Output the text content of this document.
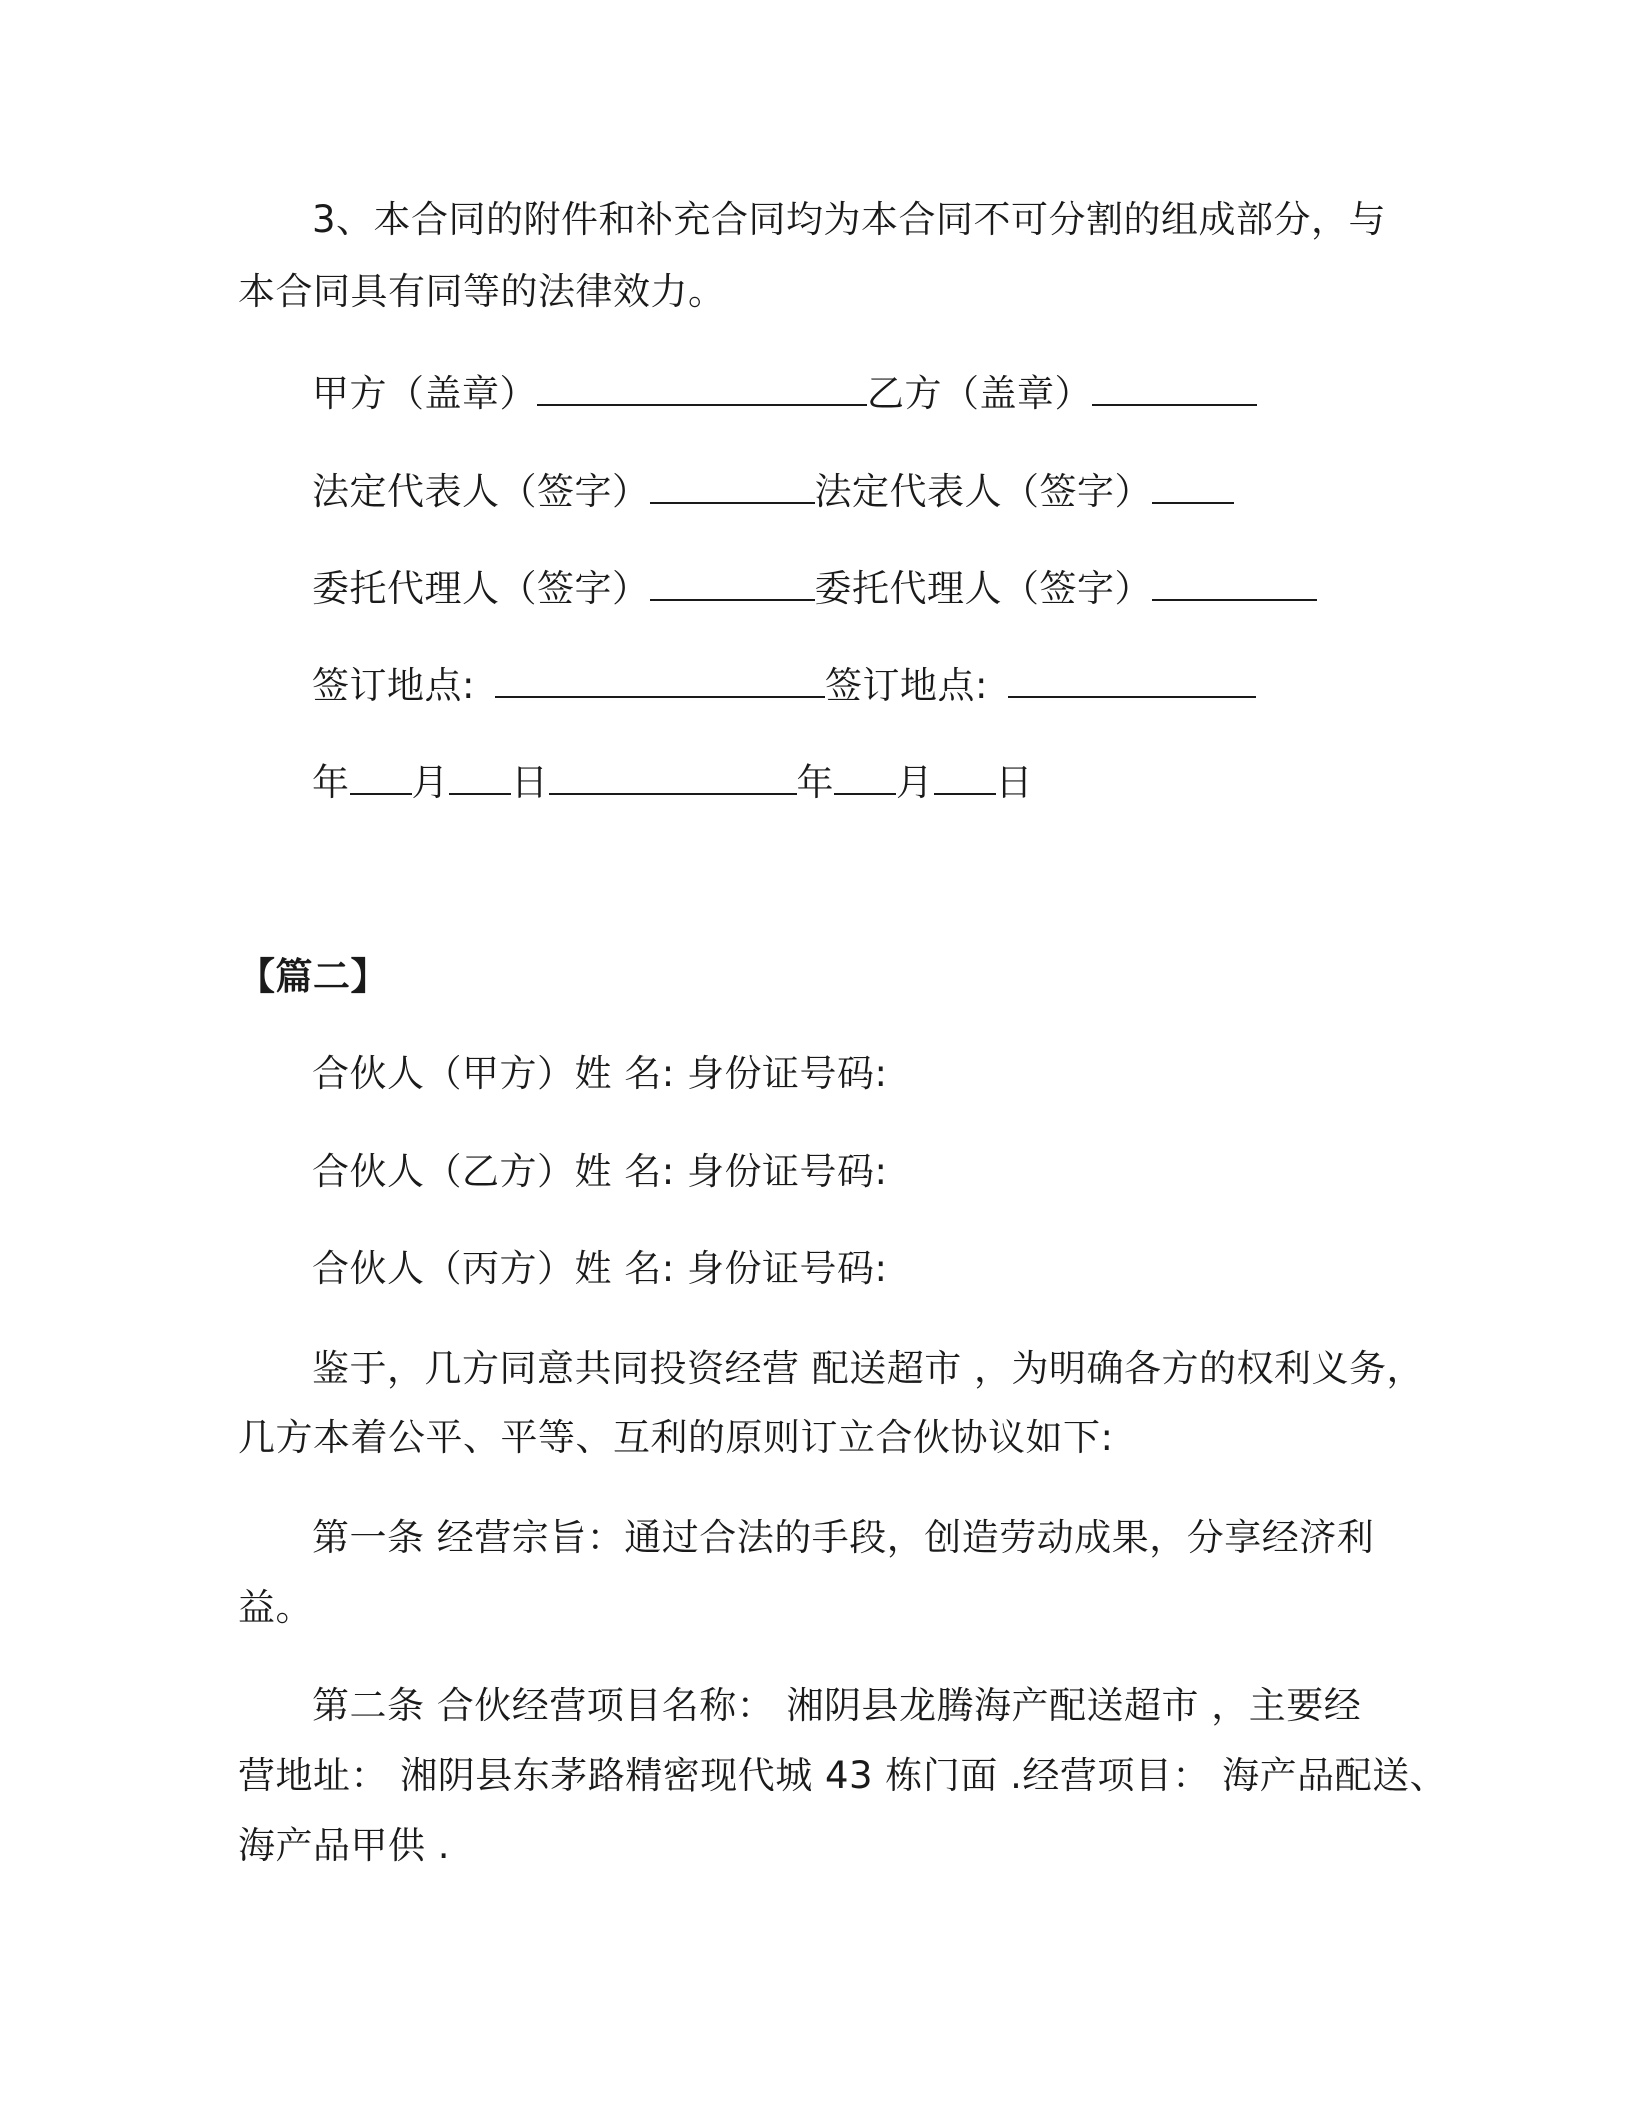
3、本合同的附件和补充合同均为本合同不可分割的组成部分，与
本合同具有同等的法律效力。
甲方（盖章）	乙方（盖章）
法定代表人（签字）	法定代表人（签字）
委托代理人（签字）	委托代理人（签字）
签订地点:	签订地点:
年 月 日	年 月 日
【篇二】
合伙人（甲方）姓 名: 身份证号码:
合伙人（乙方）姓 名: 身份证号码:
合伙人（丙方）姓 名: 身份证号码:
鉴于，几方同意共同投资经营 配送超市 ，为明确各方的权利义务，
几方本着公平、平等、互利的原则订立合伙协议如下:
第一条 经营宗旨：通过合法的手段，创造劳动成果，分享经济利
益。
第二条 合伙经营项目名称： 湘阴县龙腾海产配送超市 ，主要经
营地址： 湘阴县东茅路精密现代城 43 栋门面 .经营项目： 海产品配送、
海产品甲供 .
